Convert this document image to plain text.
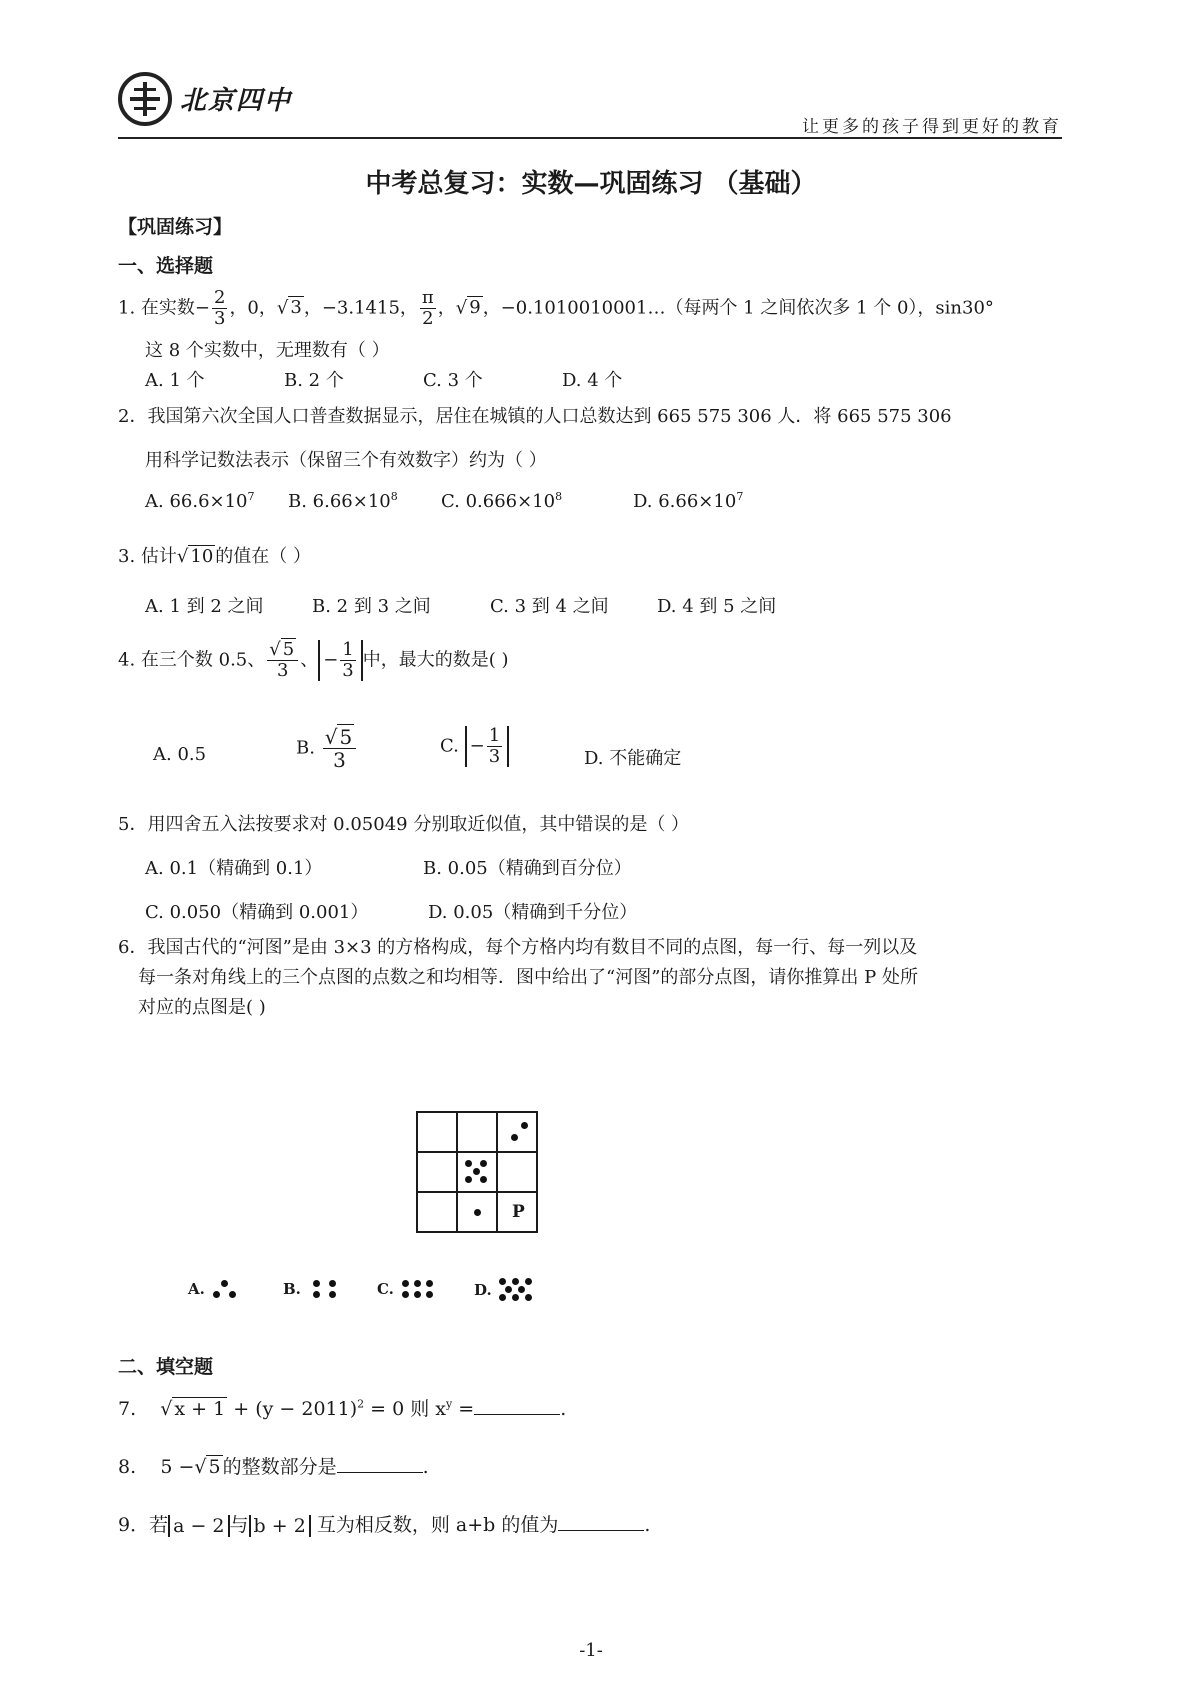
北京四中
让更多的孩子得到更好的教育
中考总复习：实数—巩固练习 （基础）
【巩固练习】
一、选择题
1. 在实数− $\frac{2}{3}$ ，0，√ 3 ，−3.1415， $\frac{\pi}{2}$ ，√ 9 ，−0.1010010001…（每两个 1 之间依次多 1 个 0），sin30°
这 8 个实数中，无理数有（ ）
A. 1 个	B. 2 个	C. 3 个	D. 4 个
2．我国第六次全国人口普查数据显示，居住在城镇的人口总数达到 665 575 306 人．将 665 575 306
用科学记数法表示（保留三个有效数字）约为（ ）
A. $66.6\times 10^7$ B. $6.66\times 10^8$ C. $0.666\times 10^8$	D. $6.66\times 10^7$
3. 估计√ 10 的值在（ ）
A. 1 到 2 之间	B. 2 到 3 之间	C. 3 到 4 之间	D. 4 到 5 之间
4. 在三个数 0.5、 $\frac{√ 5}{3}$ 、 − $\frac{1}{3}$ 中，最大的数是( )
A. 0.5	B. $\frac{√ 5}{3}$	C. − $\frac{1}{3}$	D. 不能确定
5．用四舍五入法按要求对 0.05049 分别取近似值，其中错误的是（ ）
A. 0.1（精确到 0.1）	B. 0.05（精确到百分位）
C. 0.050（精确到 0.001）	D. 0.05（精确到千分位）
6．我国古代的“河图”是由 3×3 的方格构成，每个方格内均有数目不同的点图，每一行、每一列以及
每一条对角线上的三个点图的点数之和均相等．图中给出了“河图”的部分点图，请你推算出 P 处所
对应的点图是( )
P
A.	B.	C.	D.
二、填空题
7.    √ $x + 1 + (y - 2011)^2 = 0$ 则 $x^y$ =	.
8. 5 −√ 5 的整数部分是	.
9．若 a − 2 与 b + 2 互为相反数，则 a+b 的值为	.
-1-
